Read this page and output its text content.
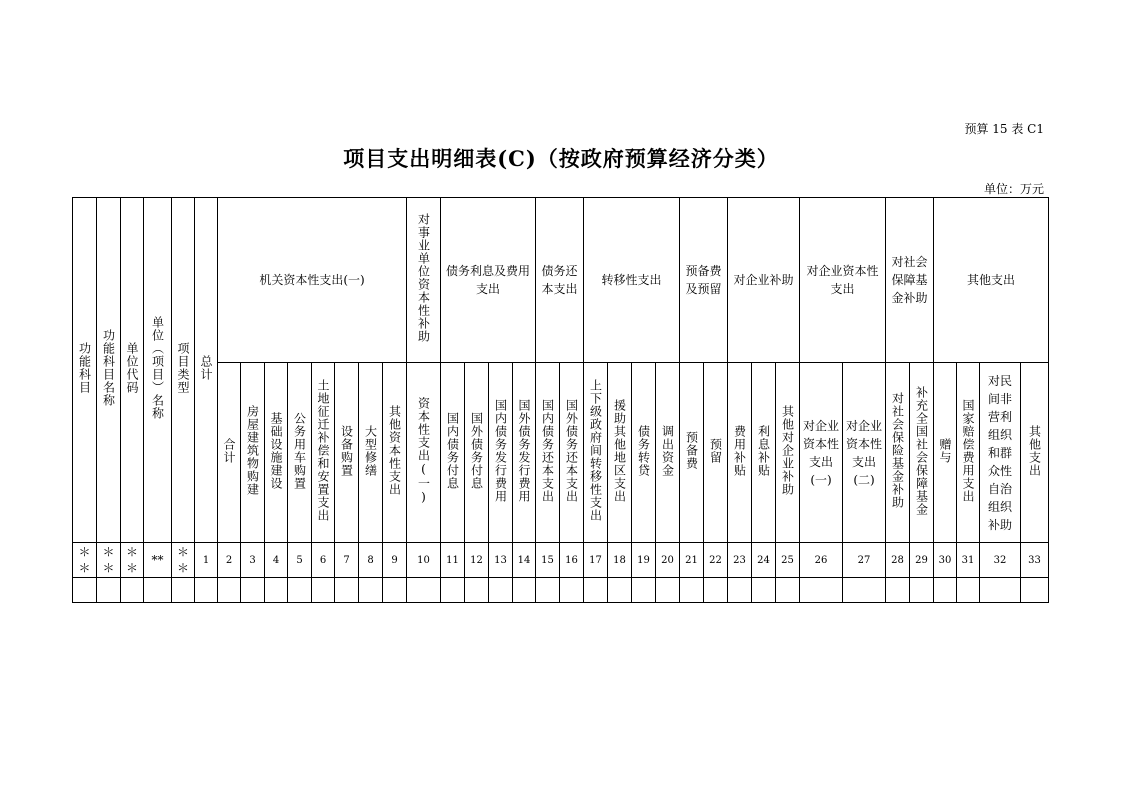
预算 15 表 C1
项目支出明细表(C)（按政府预算经济分类）
单位：万元
功能科目	功能科目名称	单位代码	单位（项目）名称	项目类型	总计	机关资本性支出(一)								对事业单位资本性补助	债务利息及费用支出				债务还本支出		转移性支出				预备费及预留		对企业补助			对企业资本性支出		对社会保障基金补助		其他支出			

						合计	房屋建筑物购建	基础设施建设	公务用车购置	土地征迁补偿和安置支出	设备购置	大型修缮	其他资本性支出	资本性支出(一)	国内债务付息	国外债务付息	国内债务发行费用	国外债务发行费用	国内债务还本支出	国外债务还本支出	上下级政府间转移性支出	援助其他地区支出	债务转贷	调出资金	预备费	预留	费用补贴	利息补贴	其他对企业补助	对企业资本性支出(一)	对企业资本性支出(二)	对社会保险基金补助	补充全国社会保障基金	赠与	国家赔偿费用支出	对民间非营利组织和群众性自治组织补助	其他支出
＊＊	＊＊	＊＊	**	＊＊	1	2	3	4	5	6	7	8	9	10	11	12	13	14	15	16	17	18	19	20	21	22	23	24	25	26	27	28	29	30	31	32	33
